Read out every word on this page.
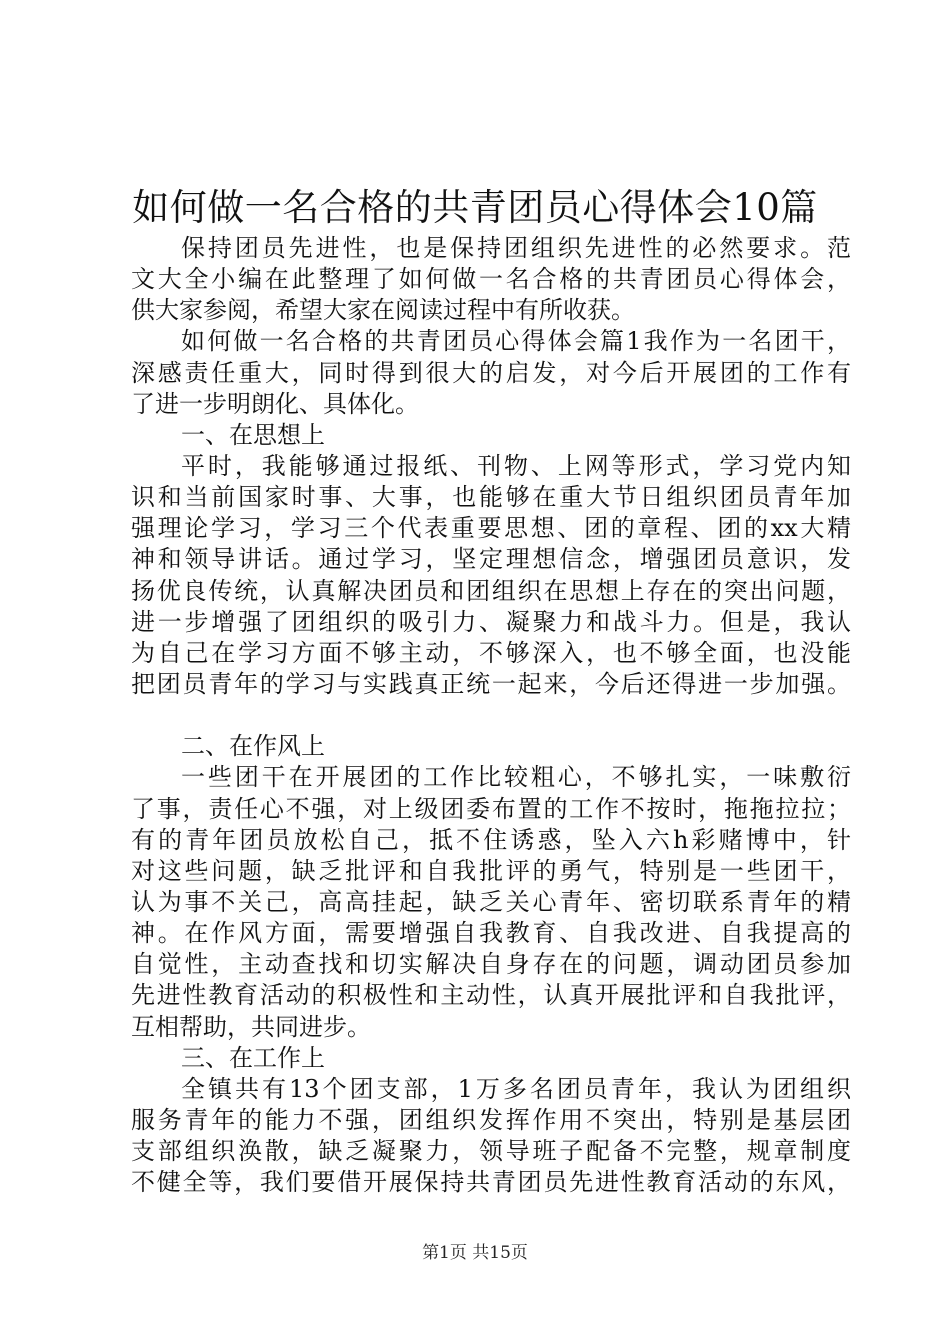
如何做一名合格的共青团员心得体会10篇
保持团员先进性，也是保持团组织先进性的必然要求。范
文大全小编在此整理了如何做一名合格的共青团员心得体会，
供大家参阅，希望大家在阅读过程中有所收获。
如何做一名合格的共青团员心得体会篇1我作为一名团干，
深感责任重大，同时得到很大的启发，对今后开展团的工作有
了进一步明朗化、具体化。
一、在思想上
平时，我能够通过报纸、刊物、上网等形式，学习党内知
识和当前国家时事、大事，也能够在重大节日组织团员青年加
强理论学习，学习三个代表重要思想、团的章程、团的xx大精
神和领导讲话。通过学习，坚定理想信念，增强团员意识，发
扬优良传统，认真解决团员和团组织在思想上存在的突出问题，
进一步增强了团组织的吸引力、凝聚力和战斗力。但是，我认
为自己在学习方面不够主动，不够深入，也不够全面，也没能
把团员青年的学习与实践真正统一起来，今后还得进一步加强。
二、在作风上
一些团干在开展团的工作比较粗心，不够扎实，一味敷衍
了事，责任心不强，对上级团委布置的工作不按时，拖拖拉拉；
有的青年团员放松自己，抵不住诱惑，坠入六h彩赌博中，针
对这些问题，缺乏批评和自我批评的勇气，特别是一些团干，
认为事不关己，高高挂起，缺乏关心青年、密切联系青年的精
神。在作风方面，需要增强自我教育、自我改进、自我提高的
自觉性，主动查找和切实解决自身存在的问题，调动团员参加
先进性教育活动的积极性和主动性，认真开展批评和自我批评，
互相帮助，共同进步。
三、在工作上
全镇共有13个团支部，1万多名团员青年，我认为团组织
服务青年的能力不强，团组织发挥作用不突出，特别是基层团
支部组织涣散，缺乏凝聚力，领导班子配备不完整，规章制度
不健全等，我们要借开展保持共青团员先进性教育活动的东风，
第1页 共15页
